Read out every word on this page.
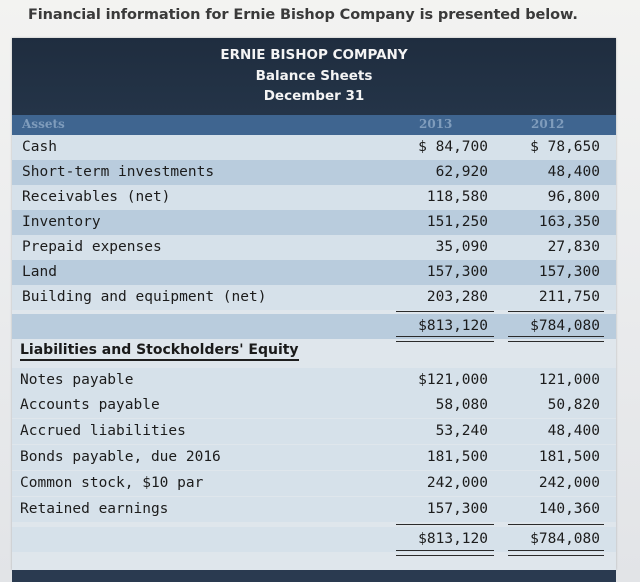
Financial information for Ernie Bishop Company is presented below.
ERNIE BISHOP COMPANY
Balance Sheets
December 31
Assets	2013	2012
Cash	$ 84,700	$ 78,650
Short-term investments	62,920	48,400
Receivables (net)	118,580	96,800
Inventory	151,250	163,350
Prepaid expenses	35,090	27,830
Land	157,300	157,300
Building and equipment (net)	203,280	211,750
$813,120	$784,080
Liabilities and Stockholders' Equity
Notes payable	$121,000	121,000
Accounts payable	58,080	50,820
Accrued liabilities	53,240	48,400
Bonds payable, due 2016	181,500	181,500
Common stock, $10 par	242,000	242,000
Retained earnings	157,300	140,360
$813,120	$784,080
